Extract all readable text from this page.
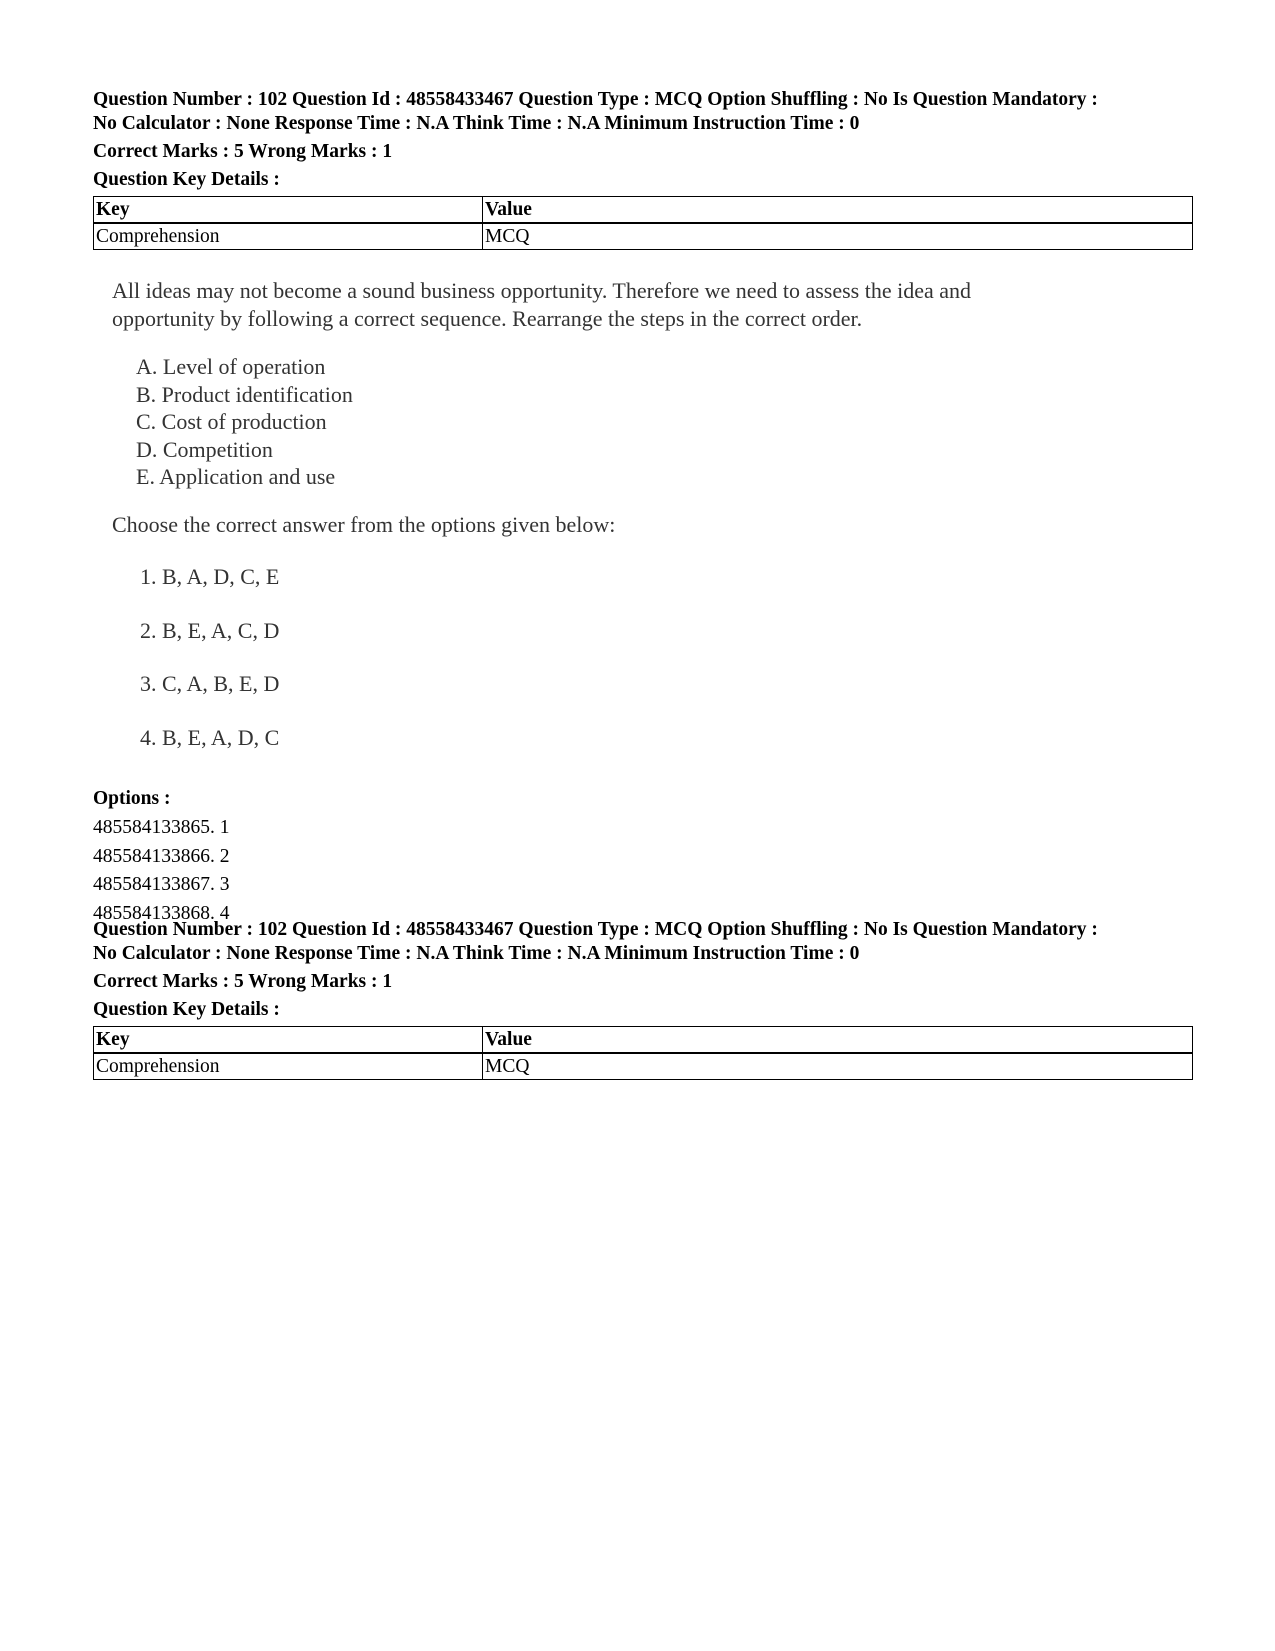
Question Number : 102 Question Id : 48558433467 Question Type : MCQ Option Shuffling : No Is Question Mandatory :
No Calculator : None Response Time : N.A Think Time : N.A Minimum Instruction Time : 0
Correct Marks : 5 Wrong Marks : 1
Question Key Details :
Key	Value
Comprehension	MCQ
All ideas may not become a sound business opportunity. Therefore we need to assess the idea and
opportunity by following a correct sequence. Rearrange the steps in the correct order.
A. Level of operation
B. Product identification
C. Cost of production
D. Competition
E. Application and use
Choose the correct answer from the options given below:
1. B, A, D, C, E
2. B, E, A, C, D
3. C, A, B, E, D
4. B, E, A, D, C
Options :
485584133865. 1
485584133866. 2
485584133867. 3
485584133868. 4
Question Number : 102 Question Id : 48558433467 Question Type : MCQ Option Shuffling : No Is Question Mandatory :
No Calculator : None Response Time : N.A Think Time : N.A Minimum Instruction Time : 0
Correct Marks : 5 Wrong Marks : 1
Question Key Details :
Key	Value
Comprehension	MCQ
